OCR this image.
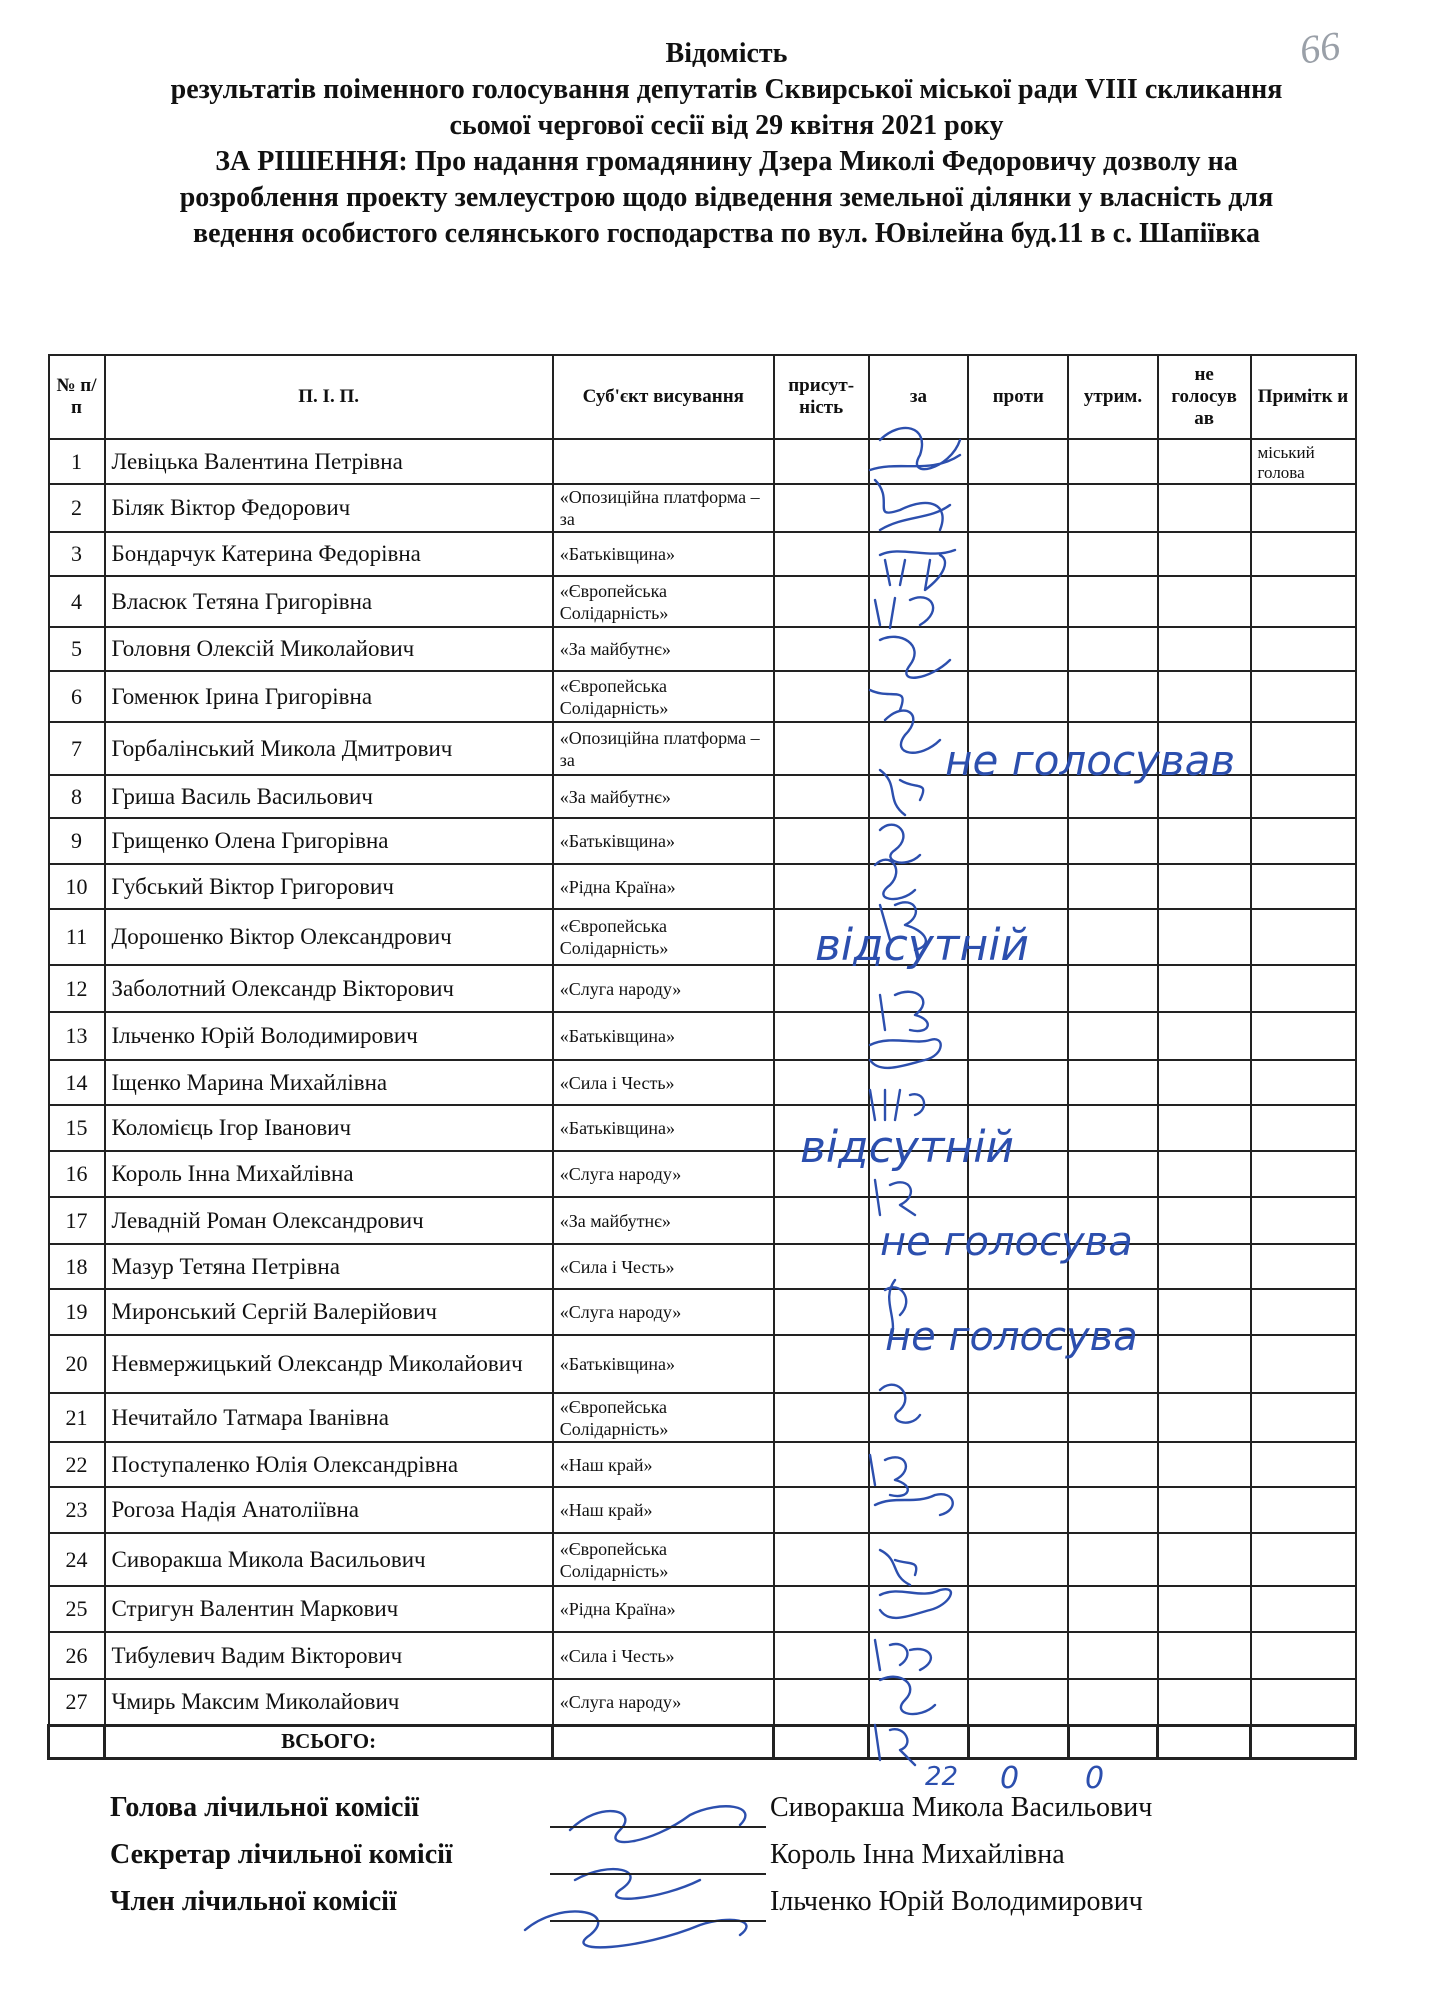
66
Відомість
результатів поіменного голосування депутатів Сквирської міської ради VIII скликання
сьомої чергової сесії від 29 квітня 2021 року
ЗА РІШЕННЯ: Про надання громадянину Дзера Миколі Федоровичу дозволу на
розроблення проекту землеустрою щодо відведення земельної ділянки у власність для
ведення особистого селянського господарства по вул. Ювілейна буд.11 в с. Шапіївка
№ п/п	П. І. П.	Суб'єкт висування	присут-ність	за	проти	утрим.	не голосув ав	Примітк и
1	Левіцька Валентина Петрівна							міський голова
2	Біляк Віктор Федорович	«Опозиційна платформа – за						
3	Бондарчук Катерина Федорівна	«Батьківщина»						
4	Власюк Тетяна Григорівна	«Європейська Солідарність»						
5	Головня Олексій Миколайович	«За майбутнє»						
6	Гоменюк Ірина Григорівна	«Європейська Солідарність»						
7	Горбалінський Микола Дмитрович	«Опозиційна платформа – за						
8	Гриша Василь Васильович	«За майбутнє»						
9	Грищенко Олена Григорівна	«Батьківщина»						
10	Губський Віктор Григорович	«Рідна Країна»						
11	Дорошенко Віктор Олександрович	«Європейська Солідарність»						
12	Заболотний Олександр Вікторович	«Слуга народу»						
13	Ільченко Юрій Володимирович	«Батьківщина»						
14	Іщенко Марина Михайлівна	«Сила і Честь»						
15	Коломієць Ігор Іванович	«Батьківщина»						
16	Король Інна Михайлівна	«Слуга народу»						
17	Левадній Роман Олександрович	«За майбутнє»						
18	Мазур Тетяна Петрівна	«Сила і Честь»						
19	Миронський Сергій Валерійович	«Слуга народу»						
20	Невмержицький Олександр Миколайович	«Батьківщина»						
21	Нечитайло Татмара Іванівна	«Європейська Солідарність»						
22	Поступаленко Юлія Олександрівна	«Наш край»						
23	Рогоза Надія Анатоліївна	«Наш край»						
24	Сиворакша Микола Васильович	«Європейська Солідарність»						
25	Стригун Валентин Маркович	«Рідна Країна»						
26	Тибулевич Вадим Вікторович	«Сила і Честь»						
27	Чмирь Максим Миколайович	«Слуга народу»						
	ВСЬОГО:							
не голосував
відсутній
відсутній
не голосува
не голосува
22 0 0
Голова лічильної комісії	Сиворакша Микола Васильович
Секретар лічильної комісії	Король Інна Михайлівна
Член лічильної комісії	Ільченко Юрій Володимирович
